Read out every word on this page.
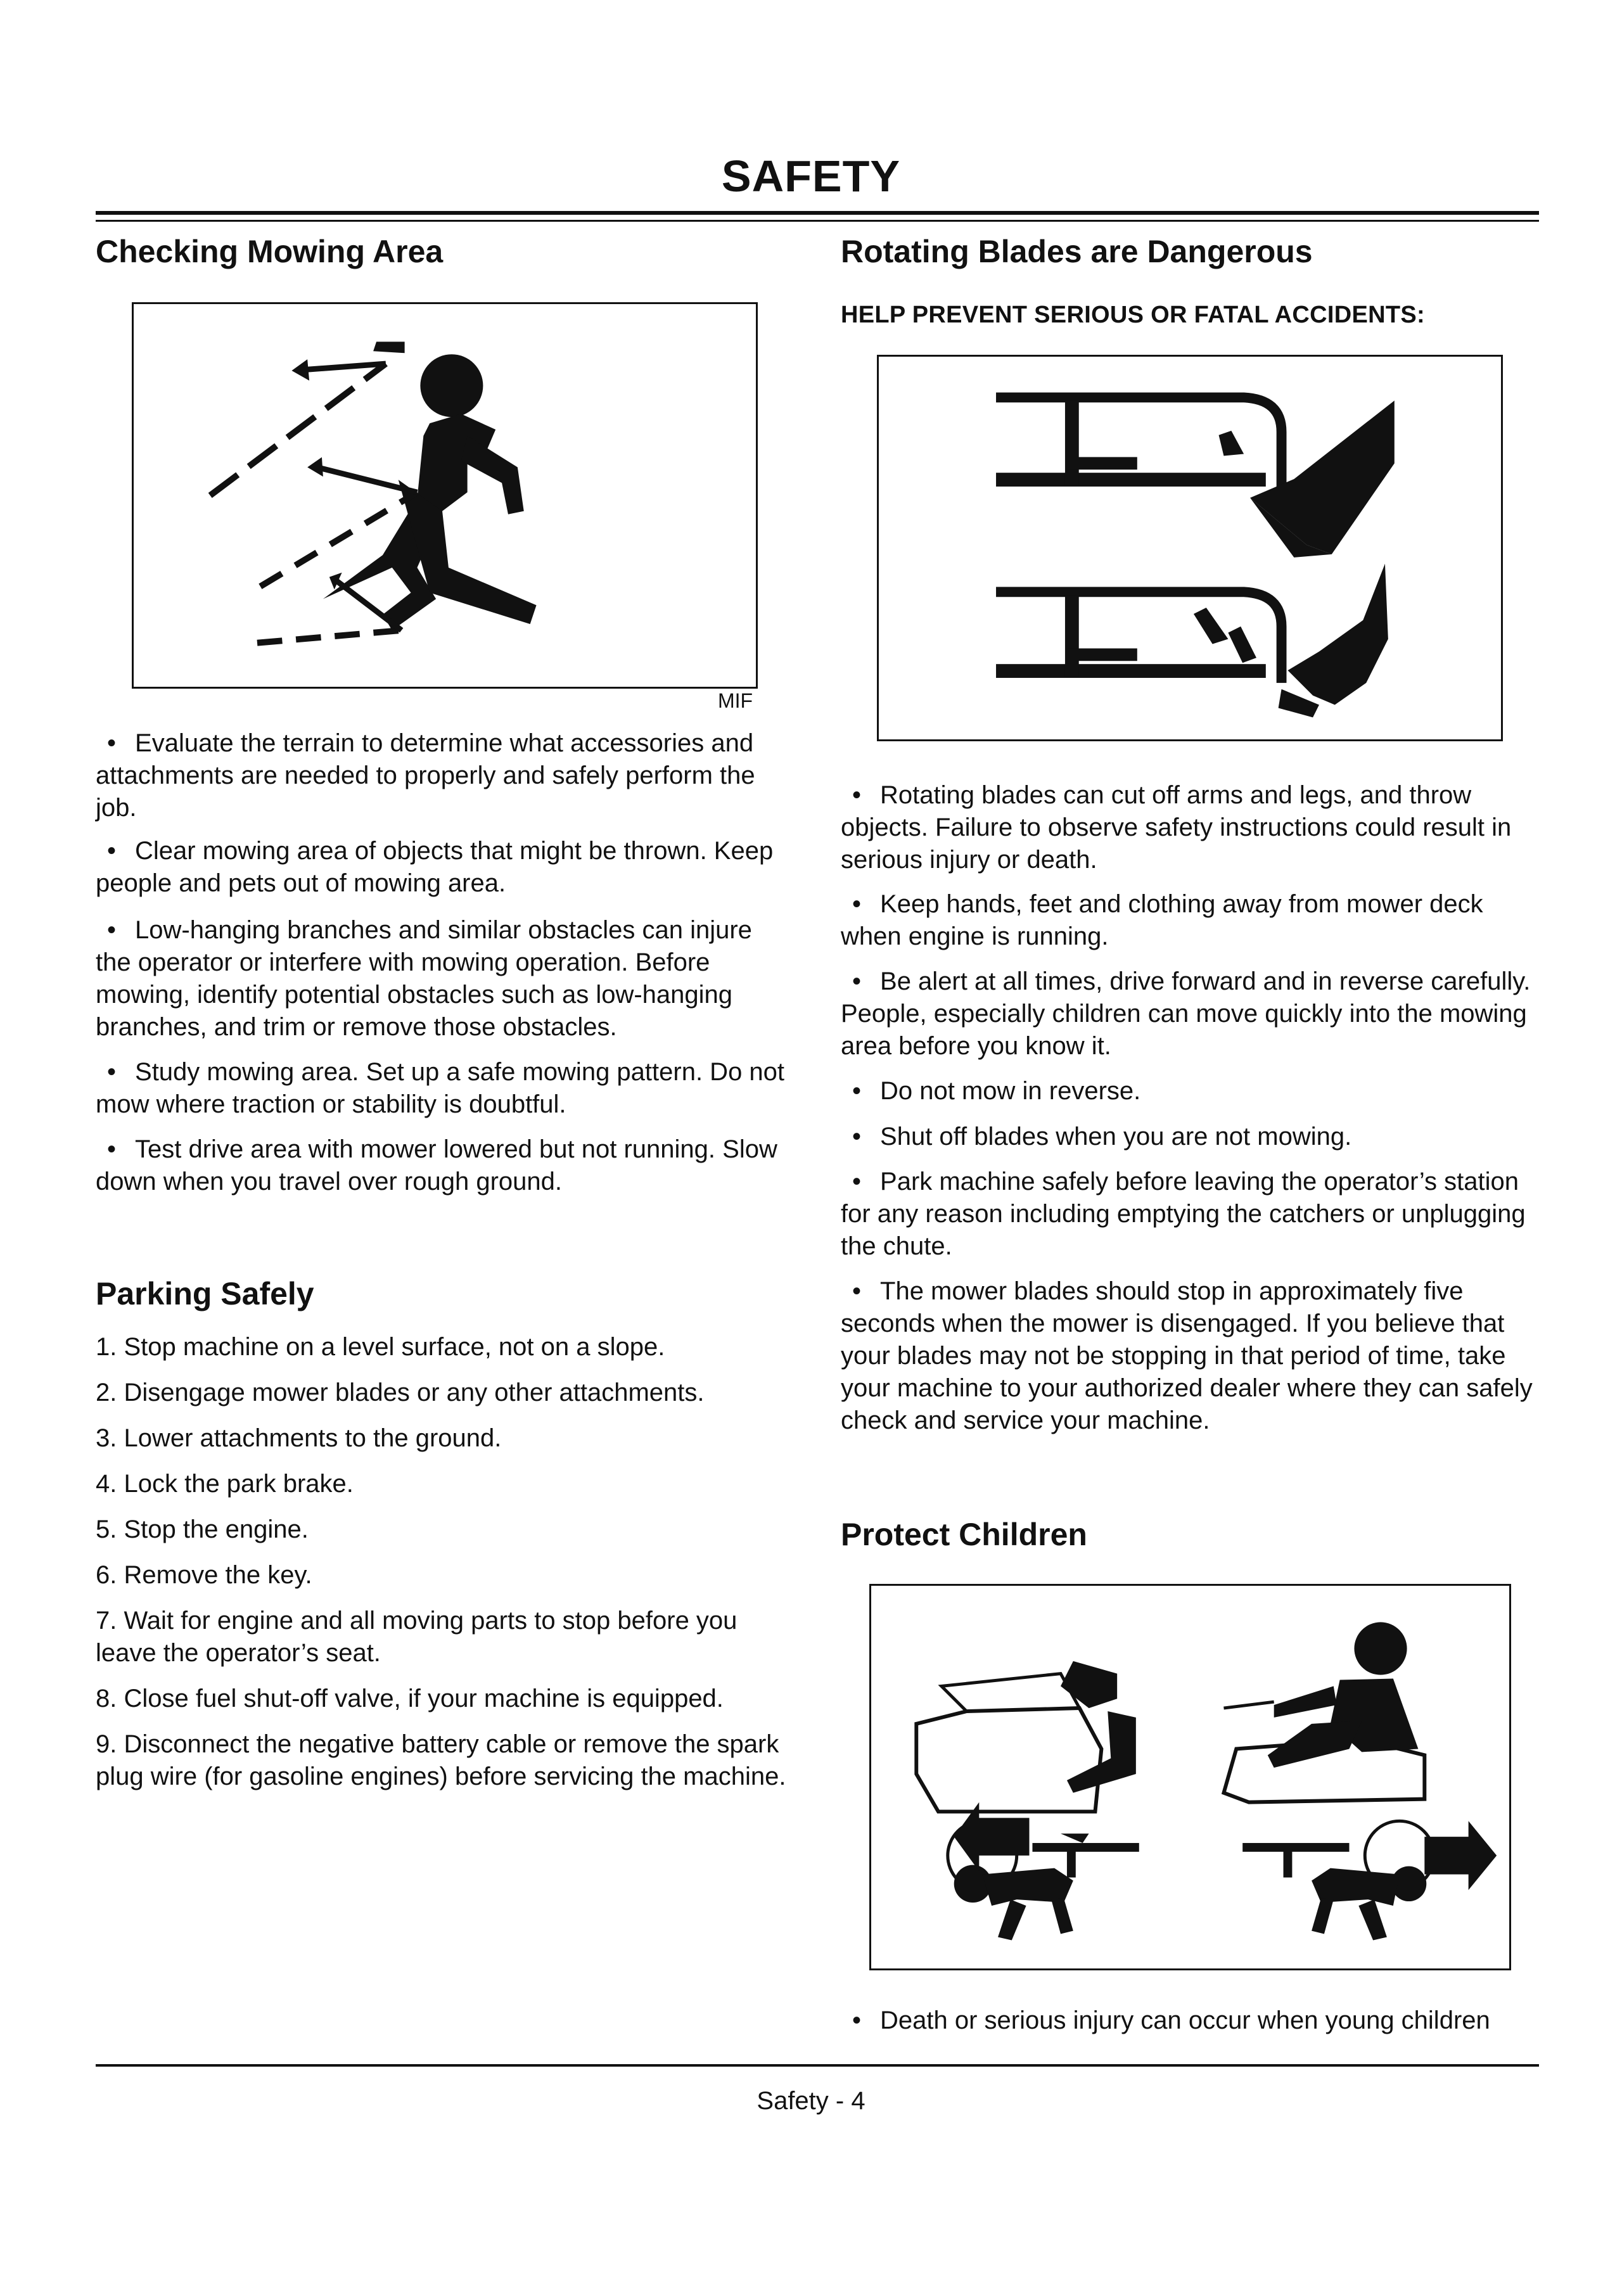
SAFETY
Checking Mowing Area
MIF

• Evaluate the terrain to determine what accessories and attachments are needed to properly and safely perform the job.

• Clear mowing area of objects that might be thrown. Keep people and pets out of mowing area.

• Low-hanging branches and similar obstacles can injure the operator or interfere with mowing operation. Before mowing, identify potential obstacles such as low-hanging branches, and trim or remove those obstacles.

• Study mowing area. Set up a safe mowing pattern. Do not mow where traction or stability is doubtful.

• Test drive area with mower lowered but not running. Slow down when you travel over rough ground.

Parking Safely

1. Stop machine on a level surface, not on a slope.

2. Disengage mower blades or any other attachments.

3. Lower attachments to the ground.

4. Lock the park brake.

5. Stop the engine.

6. Remove the key.

7. Wait for engine and all moving parts to stop before you leave the operator’s seat.

8. Close fuel shut-off valve, if your machine is equipped.

9. Disconnect the negative battery cable or remove the spark plug wire (for gasoline engines) before servicing the machine.

Rotating Blades are Dangerous
HELP PREVENT SERIOUS OR FATAL ACCIDENTS:

• Rotating blades can cut off arms and legs, and throw objects. Failure to observe safety instructions could result in serious injury or death.

• Keep hands, feet and clothing away from mower deck when engine is running.

• Be alert at all times, drive forward and in reverse carefully. People, especially children can move quickly into the mowing area before you know it.

• Do not mow in reverse.

• Shut off blades when you are not mowing.

• Park machine safely before leaving the operator’s station for any reason including emptying the catchers or unplugging the chute.

• The mower blades should stop in approximately five seconds when the mower is disengaged. If you believe that your blades may not be stopping in that period of time, take your machine to your authorized dealer where they can safely check and service your machine.

Protect Children

• Death or serious injury can occur when young children

Safety - 4
